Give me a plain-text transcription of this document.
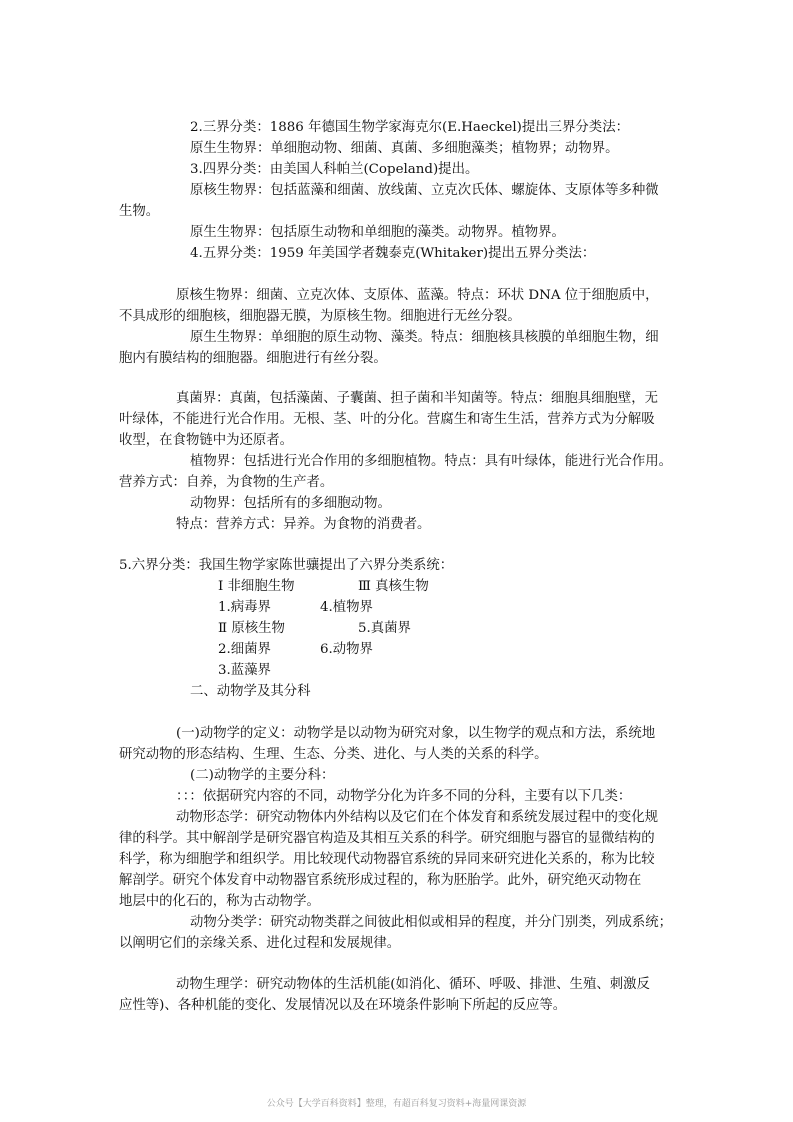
2.三界分类：1886 年德国生物学家海克尔(E.Haeckel)提出三界分类法：
原生生物界：单细胞动物、细菌、真菌、多细胞藻类；植物界；动物界。
3.四界分类：由美国人科帕兰(Copeland)提出。
原核生物界：包括蓝藻和细菌、放线菌、立克次氏体、螺旋体、支原体等多种微
生物。
原生生物界：包括原生动物和单细胞的藻类。动物界。植物界。
4.五界分类：1959 年美国学者魏泰克(Whitaker)提出五界分类法：
原核生物界：细菌、立克次体、支原体、蓝藻。特点：环状 DNA 位于细胞质中，
不具成形的细胞核，细胞器无膜，为原核生物。细胞进行无丝分裂。
原生生物界：单细胞的原生动物、藻类。特点：细胞核具核膜的单细胞生物，细
胞内有膜结构的细胞器。细胞进行有丝分裂。
真菌界：真菌，包括藻菌、子囊菌、担子菌和半知菌等。特点：细胞具细胞壁，无
叶绿体，不能进行光合作用。无根、茎、叶的分化。营腐生和寄生生活，营养方式为分解吸
收型，在食物链中为还原者。
植物界：包括进行光合作用的多细胞植物。特点：具有叶绿体，能进行光合作用。
营养方式：自养，为食物的生产者。
动物界：包括所有的多细胞动物。
特点：营养方式：异养。为食物的消费者。
5.六界分类：我国生物学家陈世骧提出了六界分类系统：
Ⅰ 非细胞生物	Ⅲ 真核生物
1.病毒界	4.植物界
Ⅱ 原核生物	5.真菌界
2.细菌界	6.动物界
3.蓝藻界
二、动物学及其分科
(一)动物学的定义：动物学是以动物为研究对象，以生物学的观点和方法，系统地
研究动物的形态结构、生理、生态、分类、进化、与人类的关系的科学。
(二)动物学的主要分科：
：：：依据研究内容的不同，动物学分化为许多不同的分科，主要有以下几类：
动物形态学：研究动物体内外结构以及它们在个体发育和系统发展过程中的变化规
律的科学。其中解剖学是研究器官构造及其相互关系的科学。研究细胞与器官的显微结构的
科学，称为细胞学和组织学。用比较现代动物器官系统的异同来研究进化关系的，称为比较
解剖学。研究个体发育中动物器官系统形成过程的，称为胚胎学。此外，研究绝灭动物在
地层中的化石的，称为古动物学。
动物分类学：研究动物类群之间彼此相似或相异的程度，并分门别类，列成系统；
以阐明它们的亲缘关系、进化过程和发展规律。
动物生理学：研究动物体的生活机能(如消化、循环、呼吸、排泄、生殖、刺激反
应性等)、各种机能的变化、发展情况以及在环境条件影响下所起的反应等。
公众号【大学百科资料】整理，有超百科复习资料+海量网课资源
